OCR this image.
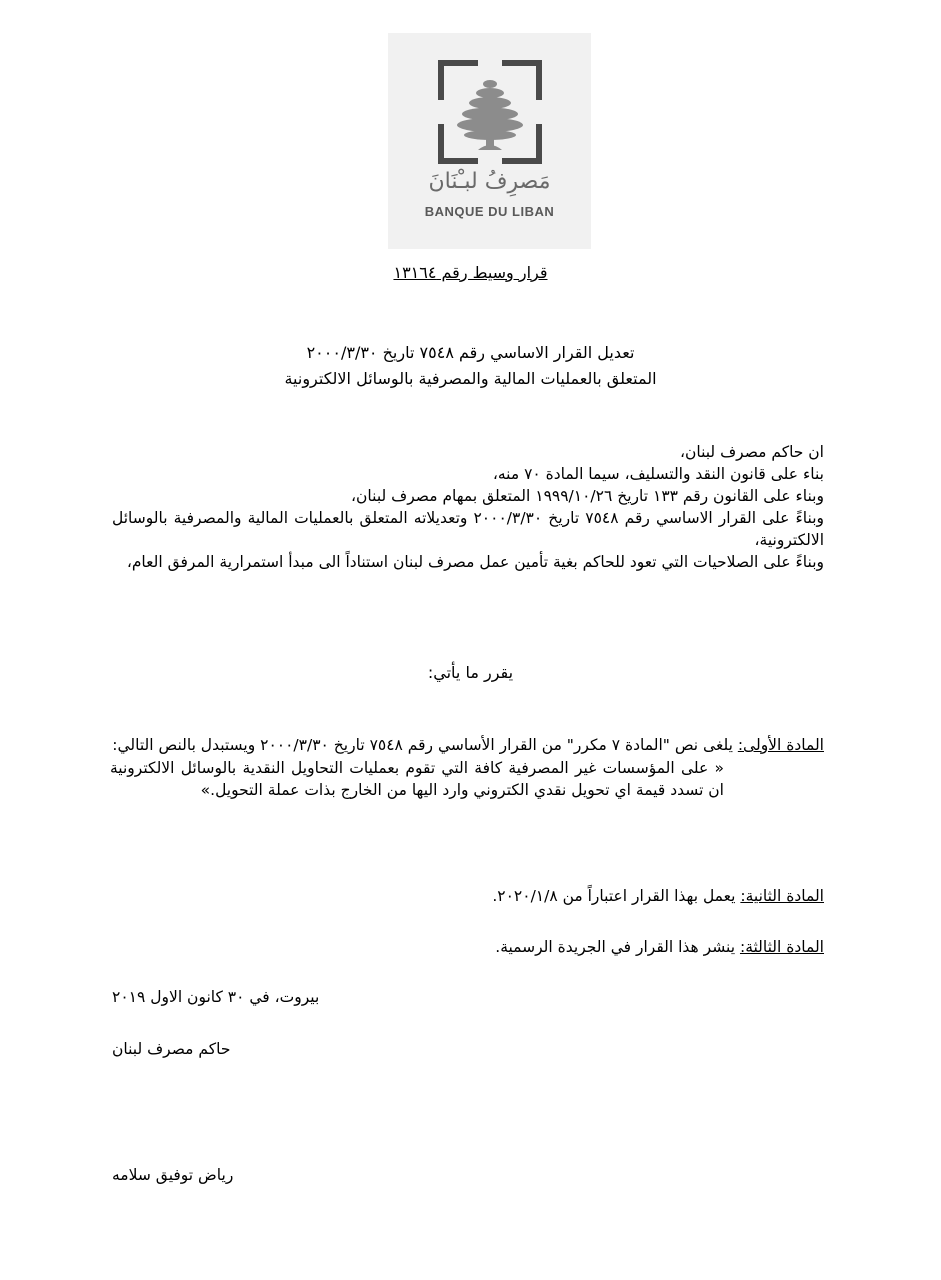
مَصرِفُ لبـْنَانَ
BANQUE DU LIBAN
قرار وسيط رقم ١٣١٦٤
تعديل القرار الاساسي رقم ٧٥٤٨ تاريخ ٢٠٠٠/٣/٣٠
المتعلق بالعمليات المالية والمصرفية بالوسائل الالكترونية

ان حاكم مصرف لبنان،

بناء على قانون النقد والتسليف، سيما المادة ٧٠ منه،

وبناء على القانون رقم ١٣٣ تاريخ ١٩٩٩/١٠/٢٦ المتعلق بمهام مصرف لبنان،

وبناءً على القرار الاساسي رقم ٧٥٤٨ تاريخ ٢٠٠٠/٣/٣٠ وتعديلاته المتعلق بالعمليات المالية والمصرفية بالوسائل الالكترونية،

وبناءً على الصلاحيات التي تعود للحاكم بغية تأمين عمل مصرف لبنان استناداً الى مبدأ استمرارية المرفق العام،

يقرر ما يأتي:
المادة الأولى: يلغى نص "المادة ٧ مكرر" من القرار الأساسي رقم ٧٥٤٨ تاريخ ٢٠٠٠/٣/٣٠ ويستبدل بالنص التالي:
« على المؤسسات غير المصرفية كافة التي تقوم بعمليات التحاويل النقدية بالوسائل الالكترونية ان تسدد قيمة اي تحويل نقدي الكتروني وارد اليها من الخارج بذات عملة التحويل.»
المادة الثانية: يعمل بهذا القرار اعتباراً من ٢٠٢٠/١/٨.
المادة الثالثة: ينشر هذا القرار في الجريدة الرسمية.
بيروت، في ٣٠ كانون الاول ٢٠١٩
حاكم مصرف لبنان
رياض توفيق سلامه
